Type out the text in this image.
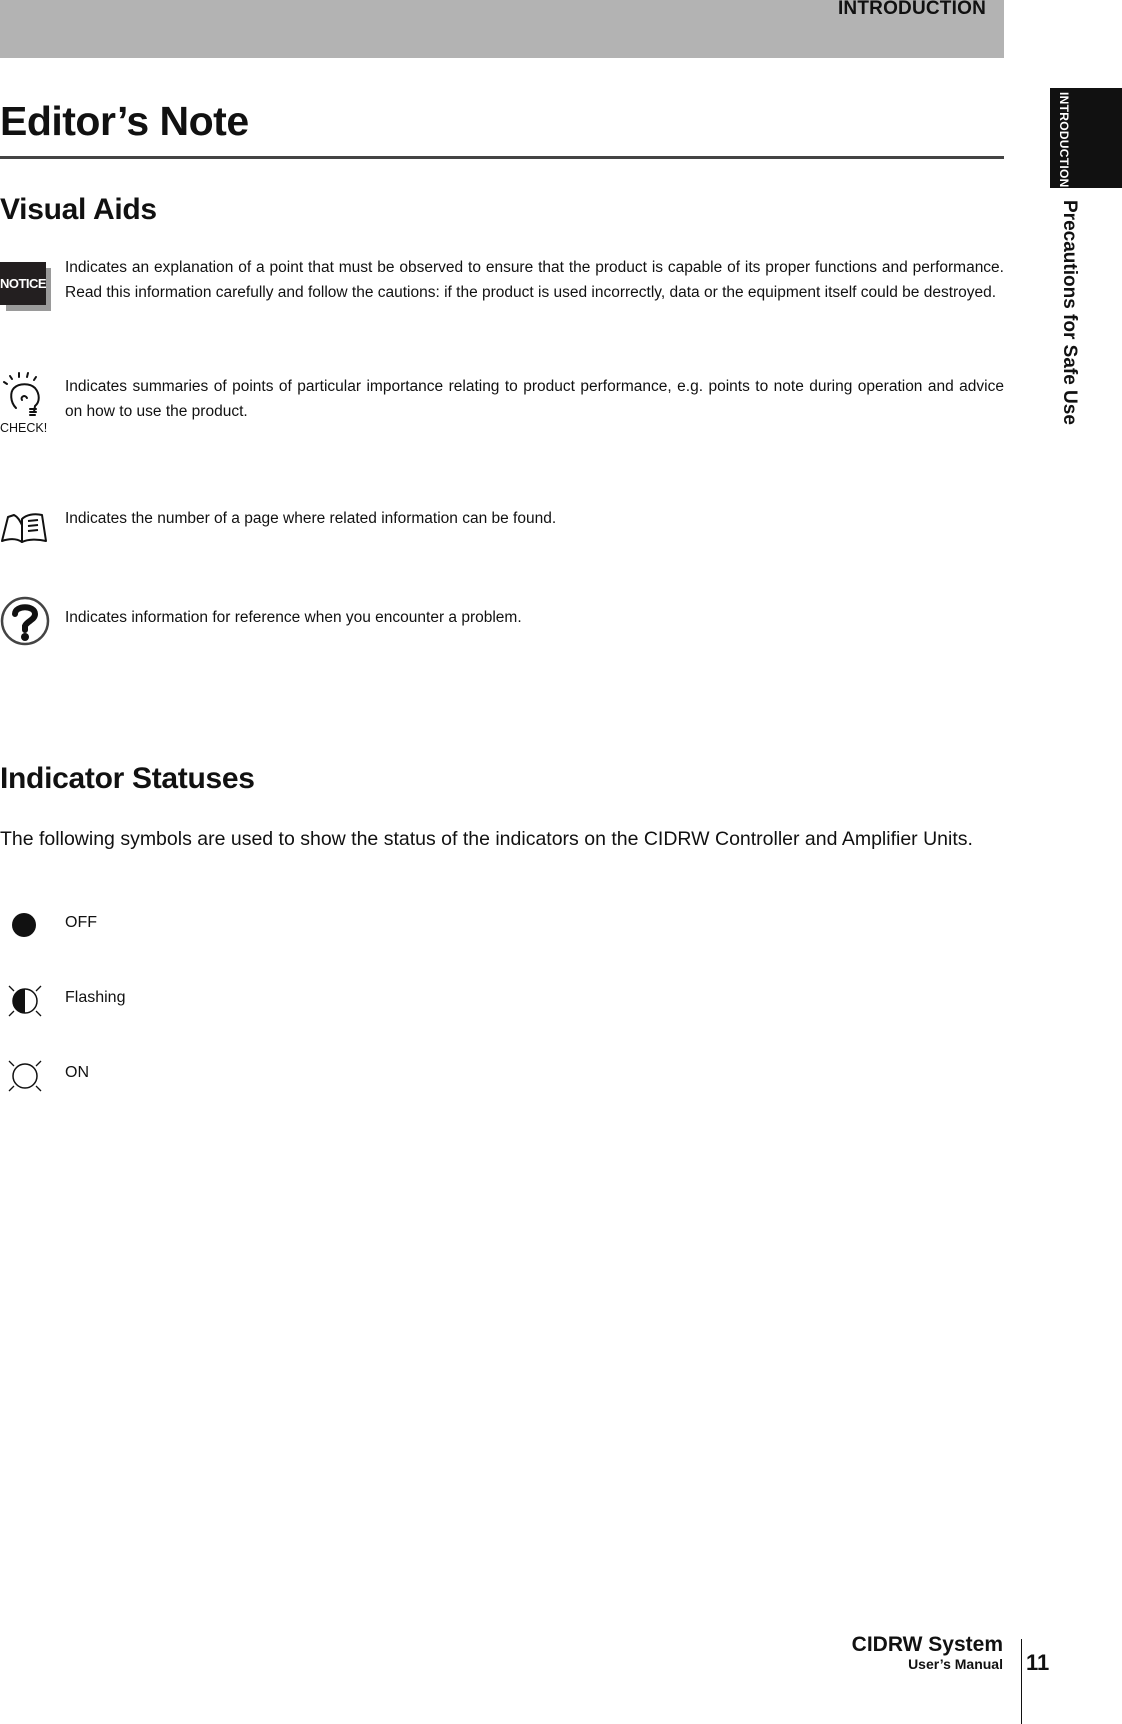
INTRODUCTION
INTRODUCTION
Precautions for Safe Use
Editor’s Note
Visual Aids
NOTICE
Indicates an explanation of a point that must be observed to ensure that the product is capable of its proper functions and performance. Read this information carefully and follow the cautions: if the product is used incorrectly, data or the equipment itself could be destroyed.
CHECK!
Indicates summaries of points of particular importance relating to product performance, e.g. points to note during operation and advice on how to use the product.
Indicates the number of a page where related information can be found.
Indicates information for reference when you encounter a problem.
Indicator Statuses
The following symbols are used to show the status of the indicators on the CIDRW Controller and Amplifier Units.
OFF
Flashing
ON
CIDRW System
User’s Manual 11
